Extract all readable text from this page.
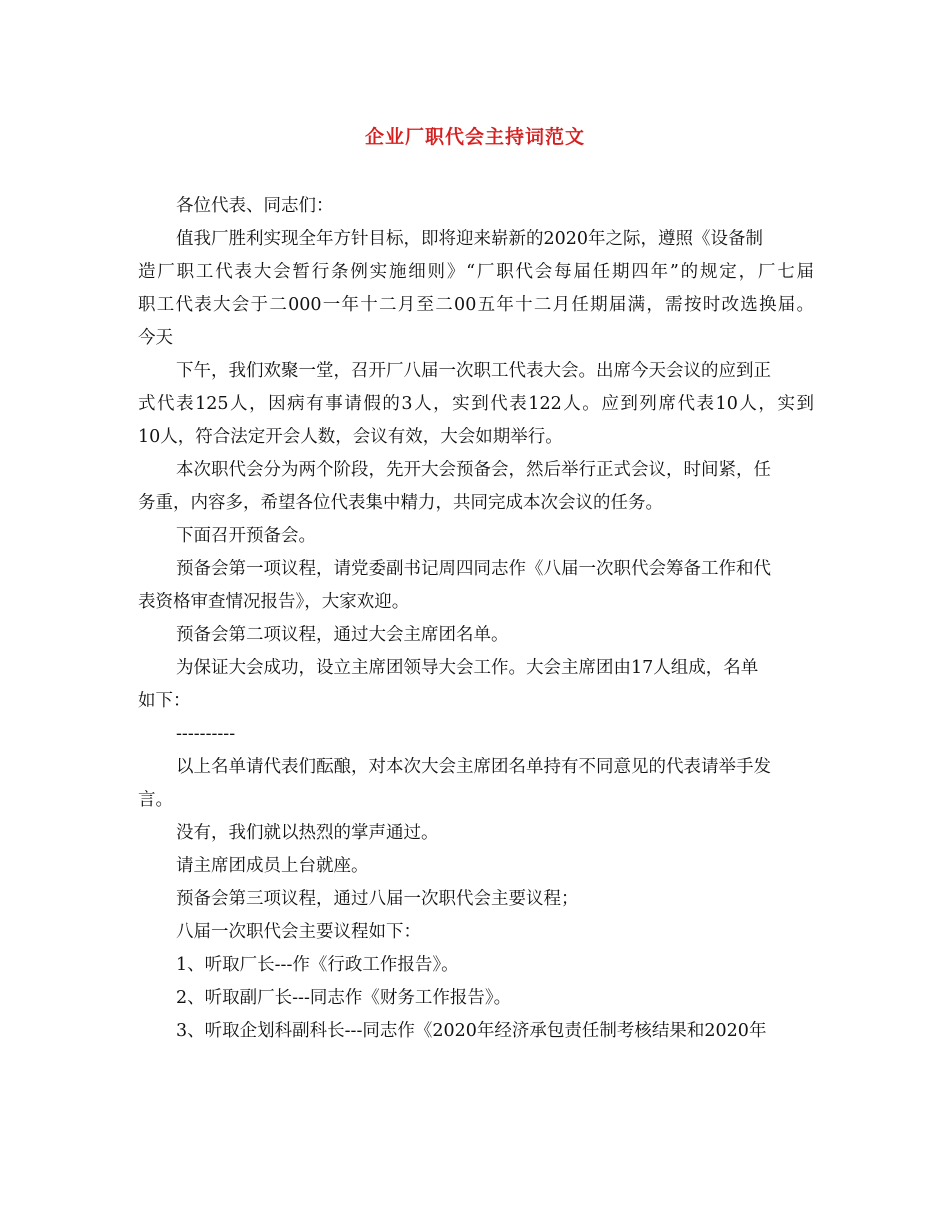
企业厂职代会主持词范文
各位代表、同志们：
值我厂胜利实现全年方针目标，即将迎来崭新的2020年之际，遵照《设备制
造厂职工代表大会暂行条例实施细则》“厂职代会每届任期四年”的规定，厂七届
职工代表大会于二000一年十二月至二00五年十二月任期届满，需按时改选换届。
今天
下午，我们欢聚一堂，召开厂八届一次职工代表大会。出席今天会议的应到正
式代表125人，因病有事请假的3人，实到代表122人。应到列席代表10人，实到
10人，符合法定开会人数，会议有效，大会如期举行。
本次职代会分为两个阶段，先开大会预备会，然后举行正式会议，时间紧，任
务重，内容多，希望各位代表集中精力，共同完成本次会议的任务。
下面召开预备会。
预备会第一项议程，请党委副书记周四同志作《八届一次职代会筹备工作和代
表资格审查情况报告》，大家欢迎。
预备会第二项议程，通过大会主席团名单。
为保证大会成功，设立主席团领导大会工作。大会主席团由17人组成，名单
如下：
----------
以上名单请代表们酝酿，对本次大会主席团名单持有不同意见的代表请举手发
言。
没有，我们就以热烈的掌声通过。
请主席团成员上台就座。
预备会第三项议程，通过八届一次职代会主要议程；
八届一次职代会主要议程如下：
1、听取厂长---作《行政工作报告》。
2、听取副厂长---同志作《财务工作报告》。
3、听取企划科副科长---同志作《2020年经济承包责任制考核结果和2020年
